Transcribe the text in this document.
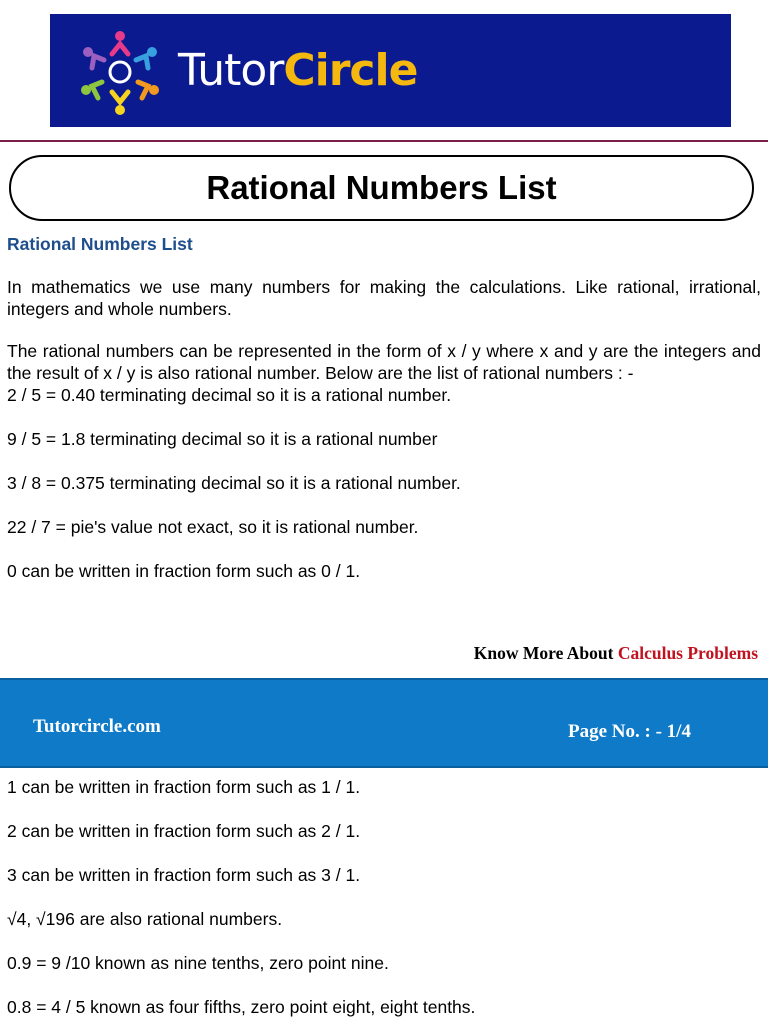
TutorCircle
Rational Numbers List

Rational Numbers List

In mathematics we use many numbers for making the calculations. Like rational, irrational, integers and whole numbers.

The rational numbers can be represented in the form of x / y where x and y are the integers and the result of x / y is also rational number. Below are the list of rational numbers : -

2 / 5 = 0.40 terminating decimal so it is a rational number.

9 / 5 = 1.8 terminating decimal so it is a rational number

3 / 8 = 0.375 terminating decimal so it is a rational number.

22 / 7 = pie's value not exact, so it is rational number.

0 can be written in fraction form such as 0 / 1.

Know More About Calculus Problems
Tutorcircle.com	Page No. : - 1/4

1 can be written in fraction form such as 1 / 1.

2 can be written in fraction form such as 2 / 1.

3 can be written in fraction form such as 3 / 1.

√4, √196 are also rational numbers.

0.9 = 9 /10 known as nine tenths, zero point nine.

0.8 = 4 / 5 known as four fifths, zero point eight, eight tenths.
